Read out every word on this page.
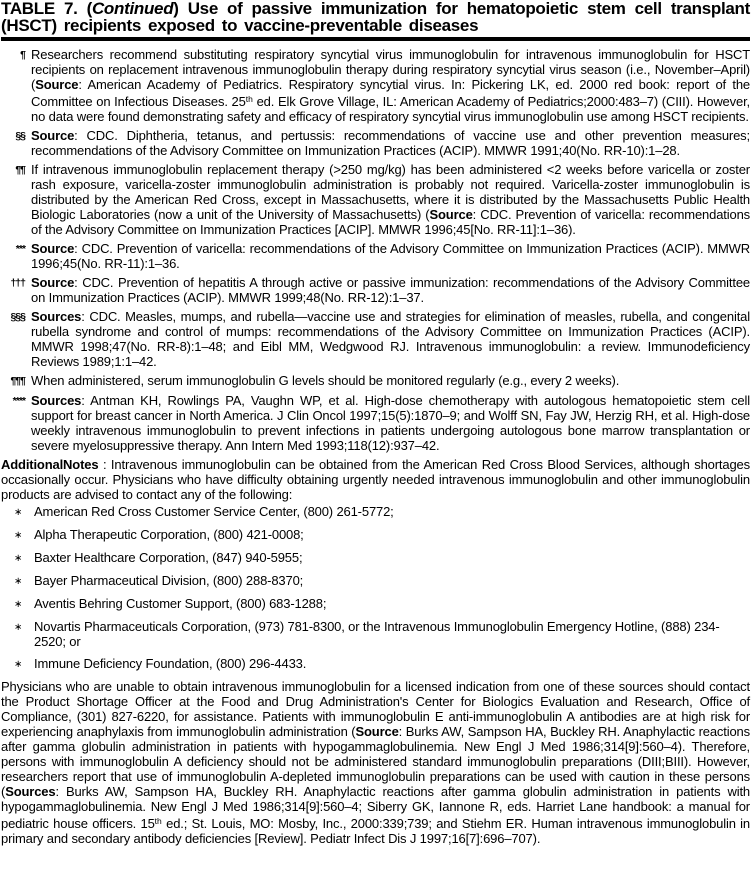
TABLE 7. (Continued) Use of passive immunization for hematopoietic stem cell transplant (HSCT) recipients exposed to vaccine-preventable diseases
¶ Researchers recommend substituting respiratory syncytial virus immunoglobulin for intravenous immunoglobulin for HSCT recipients on replacement intravenous immunoglobulin therapy during respiratory syncytial virus season (i.e., November–April) (Source: American Academy of Pediatrics. Respiratory syncytial virus. In: Pickering LK, ed. 2000 red book: report of the Committee on Infectious Diseases. 25th ed. Elk Grove Village, IL: American Academy of Pediatrics;2000:483–7) (CIII). However, no data were found demonstrating safety and efficacy of respiratory syncytial virus immunoglobulin use among HSCT recipients.
§§ Source: CDC. Diphtheria, tetanus, and pertussis: recommendations of vaccine use and other prevention measures; recommendations of the Advisory Committee on Immunization Practices (ACIP). MMWR 1991;40(No. RR-10):1–28.
¶¶ If intravenous immunoglobulin replacement therapy (>250 mg/kg) has been administered <2 weeks before varicella or zoster rash exposure, varicella-zoster immunoglobulin administration is probably not required. Varicella-zoster immunoglobulin is distributed by the American Red Cross, except in Massachusetts, where it is distributed by the Massachusetts Public Health Biologic Laboratories (now a unit of the University of Massachusetts) (Source: CDC. Prevention of varicella: recommendations of the Advisory Committee on Immunization Practices [ACIP]. MMWR 1996;45[No. RR-11]:1–36).
*** Source: CDC. Prevention of varicella: recommendations of the Advisory Committee on Immunization Practices (ACIP). MMWR 1996;45(No. RR-11):1–36.
††† Source: CDC. Prevention of hepatitis A through active or passive immunization: recommendations of the Advisory Committee on Immunization Practices (ACIP). MMWR 1999;48(No. RR-12):1–37.
§§§ Sources: CDC. Measles, mumps, and rubella—vaccine use and strategies for elimination of measles, rubella, and congenital rubella syndrome and control of mumps: recommendations of the Advisory Committee on Immunization Practices (ACIP). MMWR 1998;47(No. RR-8):1–48; and Eibl MM, Wedgwood RJ. Intravenous immunoglobulin: a review. Immunodeficiency Reviews 1989;1:1–42.
¶¶¶ When administered, serum immunoglobulin G levels should be monitored regularly (e.g., every 2 weeks).
**** Sources: Antman KH, Rowlings PA, Vaughn WP, et al. High-dose chemotherapy with autologous hematopoietic stem cell support for breast cancer in North America. J Clin Oncol 1997;15(5):1870–9; and Wolff SN, Fay JW, Herzig RH, et al. High-dose weekly intravenous immunoglobulin to prevent infections in patients undergoing autologous bone marrow transplantation or severe myelosuppressive therapy. Ann Intern Med 1993;118(12):937–42.

AdditionalNotes : Intravenous immunoglobulin can be obtained from the American Red Cross Blood Services, although shortages occasionally occur. Physicians who have difficulty obtaining urgently needed intravenous immunoglobulin and other immunoglobulin products are advised to contact any of the following:

∗ American Red Cross Customer Service Center, (800) 261-5772;
∗ Alpha Therapeutic Corporation, (800) 421-0008;
∗ Baxter Healthcare Corporation, (847) 940-5955;
∗ Bayer Pharmaceutical Division, (800) 288-8370;
∗ Aventis Behring Customer Support, (800) 683-1288;
∗ Novartis Pharmaceuticals Corporation, (973) 781-8300, or the Intravenous Immunoglobulin Emergency Hotline, (888) 234-2520; or
∗ Immune Deficiency Foundation, (800) 296-4433.

Physicians who are unable to obtain intravenous immunoglobulin for a licensed indication from one of these sources should contact the Product Shortage Officer at the Food and Drug Administration's Center for Biologics Evaluation and Research, Office of Compliance, (301) 827-6220, for assistance. Patients with immunoglobulin E anti-immunoglobulin A antibodies are at high risk for experiencing anaphylaxis from immunoglobulin administration (Source: Burks AW, Sampson HA, Buckley RH. Anaphylactic reactions after gamma globulin administration in patients with hypogammaglobulinemia. New Engl J Med 1986;314[9]:560–4). Therefore, persons with immunoglobulin A deficiency should not be administered standard immunoglobulin preparations (DIII;BIII). However, researchers report that use of immunoglobulin A-depleted immunoglobulin preparations can be used with caution in these persons (Sources: Burks AW, Sampson HA, Buckley RH. Anaphylactic reactions after gamma globulin administration in patients with hypogammaglobulinemia. New Engl J Med 1986;314[9]:560–4; Siberry GK, Iannone R, eds. Harriet Lane handbook: a manual for pediatric house officers. 15th ed.; St. Louis, MO: Mosby, Inc., 2000:339;739; and Stiehm ER. Human intravenous immunoglobulin in primary and secondary antibody deficiencies [Review]. Pediatr Infect Dis J 1997;16[7]:696–707).
